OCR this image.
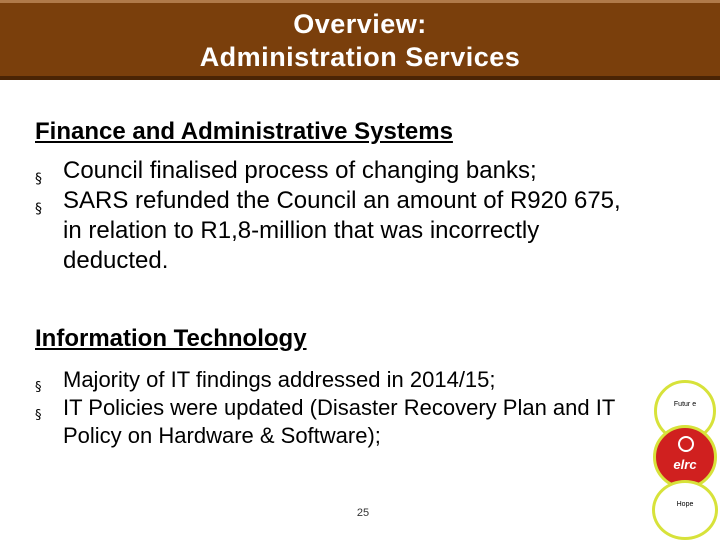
Overview:
Administration Services
Finance and Administrative Systems
§ Council finalised process of changing banks;
§ SARS refunded the Council an amount of R920 675, in relation to R1,8-million that was incorrectly deducted.
Information Technology
§ Majority of IT findings addressed in 2014/15;
§ IT Policies were updated (Disaster Recovery Plan and IT Policy on Hardware & Software);
25
Futur e
elrc
Hope
